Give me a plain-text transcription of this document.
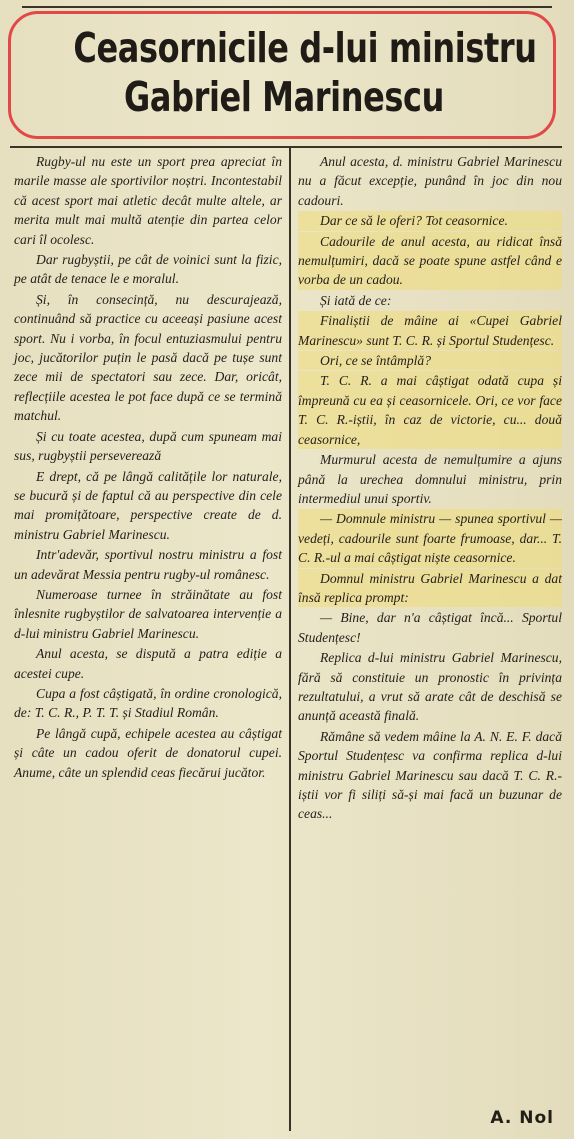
Ceasornicile d-lui ministru
Gabriel Marinescu

Rugby-ul nu este un sport prea apreciat în marile masse ale sportivilor noștri. Incontestabil că acest sport mai atletic decât multe altele, ar merita mult mai multă atenție din partea celor cari îl ocolesc.

Dar rugbyștii, pe cât de voinici sunt la fizic, pe atât de tenace le e moralul.

Și, în consecință, nu descurajează, continuând să practice cu aceeași pasiune acest sport. Nu i vorba, în focul entuziasmului pentru joc, jucătorilor puțin le pasă dacă pe tușe sunt zece mii de spectatori sau zece. Dar, oricât, reflecțiile acestea le pot face după ce se termină matchul.

Și cu toate acestea, după cum spuneam mai sus, rugbyștii perseverează

E drept, că pe lângă calitățile lor naturale, se bucură și de faptul că au perspective din cele mai promițătoare, perspective create de d. ministru Gabriel Marinescu.

Intr'adevăr, sportivul nostru ministru a fost un adevărat Messia pentru rugby-ul românesc.

Numeroase turnee în străinătate au fost înlesnite rugbyștilor de salvatoarea intervenție a d-lui ministru Gabriel Marinescu.

Anul acesta, se dispută a patra ediție a acestei cupe.

Cupa a fost câștigată, în ordine cronologică, de: T. C. R., P. T. T. și Stadiul Român.

Pe lângă cupă, echipele acestea au câștigat și câte un cadou oferit de donatorul cupei. Anume, câte un splendid ceas fiecărui jucător.

Anul acesta, d. ministru Gabriel Marinescu nu a făcut excepție, punând în joc din nou cadouri.

Dar ce să le oferi? Tot ceasornice.

Cadourile de anul acesta, au ridicat însă nemulțumiri, dacă se poate spune astfel când e vorba de un cadou.

Și iată de ce:

Finaliștii de mâine ai «Cupei Gabriel Marinescu» sunt T. C. R. și Sportul Studențesc.

Ori, ce se întâmplă?

T. C. R. a mai câștigat odată cupa și împreună cu ea și ceasornicele. Ori, ce vor face T. C. R.-iștii, în caz de victorie, cu... două ceasornice,

Murmurul acesta de nemulțumire a ajuns până la urechea domnului ministru, prin intermediul unui sportiv.

— Domnule ministru — spunea sportivul — vedeți, cadourile sunt foarte frumoase, dar... T. C. R.-ul a mai câștigat niște ceasornice.

Domnul ministru Gabriel Marinescu a dat însă replica prompt:

— Bine, dar n'a câștigat încă... Sportul Studențesc!

Replica d-lui ministru Gabriel Marinescu, fără să constituie un pronostic în privința rezultatului, a vrut să arate cât de deschisă se anunță această finală.

Rămâne să vedem mâine la A. N. E. F. dacă Sportul Studențesc va confirma replica d-lui ministru Gabriel Marinescu sau dacă T. C. R.-iștii vor fi siliți să-și mai facă un buzunar de ceas...

A. Nol
